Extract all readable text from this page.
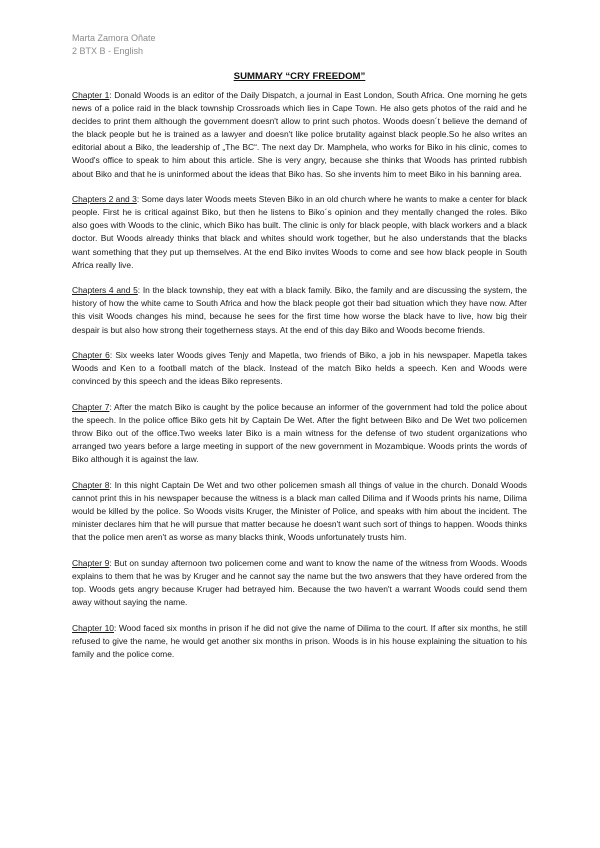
Marta Zamora Oñate
2 BTX B - English
SUMMARY “CRY FREEDOM”

Chapter 1: Donald Woods is an editor of the Daily Dispatch, a journal in East London, South Africa. One morning he gets news of a police raid in the black township Crossroads which lies in Cape Town. He also gets photos of the raid and he decides to print them although the government doesn't allow to print such photos. Woods doesn´t believe the demand of the black people but he is trained as a lawyer and doesn't like police brutality against black people.So he also writes an editorial about a Biko, the leadership of „The BC“. The next day Dr. Mamphela, who works for Biko in his clinic, comes to Wood's office to speak to him about this article. She is very angry, because she thinks that Woods has printed rubbish about Biko and that he is uninformed about the ideas that Biko has. So she invents him to meet Biko in his banning area.

Chapters 2 and 3: Some days later Woods meets Steven Biko in an old church where he wants to make a center for black people. First he is critical against Biko, but then he listens to Biko´s opinion and they mentally changed the roles. Biko also goes with Woods to the clinic, which Biko has built. The clinic is only for black people, with black workers and a black doctor. But Woods already thinks that black and whites should work together, but he also understands that the blacks want something that they put up themselves. At the end Biko invites Woods to come and see how black people in South Africa really live.

Chapters 4 and 5: In the black township, they eat with a black family. Biko, the family and are discussing the system, the history of how the white came to South Africa and how the black people got their bad situation which they have now. After this visit Woods changes his mind, because he sees for the first time how worse the black have to live, how big their despair is but also how strong their togetherness stays. At the end of this day Biko and Woods become friends.

Chapter 6: Six weeks later Woods gives Tenjy and Mapetla, two friends of Biko, a job in his newspaper. Mapetla takes Woods and Ken to a football match of the black. Instead of the match Biko helds a speech. Ken and Woods were convinced by this speech and the ideas Biko represents.

Chapter 7: After the match Biko is caught by the police because an informer of the government had told the police about the speech. In the police office Biko gets hit by Captain De Wet. After the fight between Biko and De Wet two policemen throw Biko out of the office.Two weeks later Biko is a main witness for the defense of two student organizations who arranged two years before a large meeting in support of the new government in Mozambique. Woods prints the words of Biko although it is against the law.

Chapter 8: In this night Captain De Wet and two other policemen smash all things of value in the church. Donald Woods cannot print this in his newspaper because the witness is a black man called Dilima and if Woods prints his name, Dilima would be killed by the police. So Woods visits Kruger, the Minister of Police, and speaks with him about the incident. The minister declares him that he will pursue that matter because he doesn't want such sort of things to happen. Woods thinks that the police men aren't as worse as many blacks think, Woods unfortunately trusts him.

Chapter 9: But on sunday afternoon two policemen come and want to know the name of the witness from Woods. Woods explains to them that he was by Kruger and he cannot say the name but the two answers that they have ordered from the top. Woods gets angry because Kruger had betrayed him. Because the two haven't a warrant Woods could send them away without saying the name.

Chapter 10: Wood faced six months in prison if he did not give the name of Dilima to the court. If after six months, he still refused to give the name, he would get another six months in prison. Woods is in his house explaining the situation to his family and the police come.
